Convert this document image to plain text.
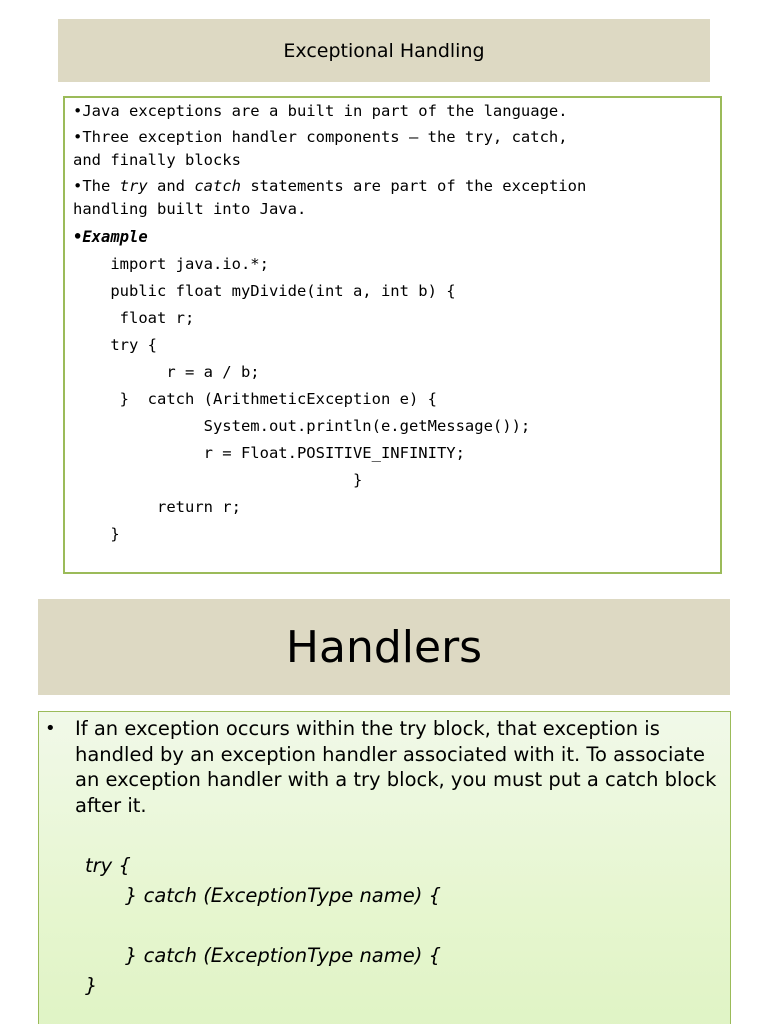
Exceptional Handling
•Java exceptions are a built in part of the language.
•Three exception handler components – the try, catch,
and finally blocks
•The try and catch statements are part of the exception
handling built into Java.
•Example
import java.io.*;
public float myDivide(int a, int b) {
float r;
try {
r = a / b;
}  catch (ArithmeticException e) {
System.out.println(e.getMessage());
r = Float.POSITIVE_INFINITY;
}
return r;
}
Handlers
• If an exception occurs within the try block, that exception is handled by an exception handler associated with it. To associate an exception handler with a try block, you must put a catch block after it.
try {
} catch (ExceptionType name) {
} catch (ExceptionType name) {
}
